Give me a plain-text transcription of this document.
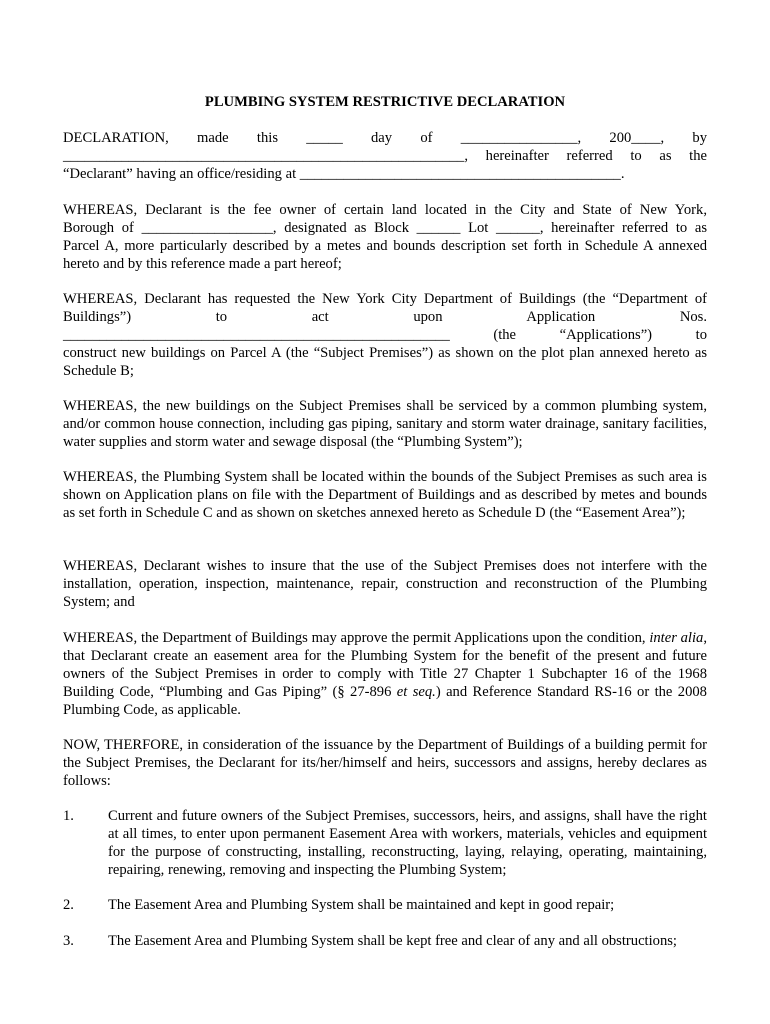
PLUMBING SYSTEM RESTRICTIVE DECLARATION
DECLARATION, made this _____ day of ________________, 200____, by
_______________________________________________________, hereinafter referred to as the
“Declarant” having an office/residing at ____________________________________________.
WHEREAS, Declarant is the fee owner of certain land located in the City and State of New York,
Borough of __________________, designated as Block ______ Lot ______, hereinafter referred to as
Parcel A, more particularly described by a metes and bounds description set forth in Schedule A annexed
hereto and by this reference made a part hereof;
WHEREAS, Declarant has requested the New York City Department of Buildings (the “Department of
Buildings”) to act upon Application Nos.
_____________________________________________________ (the “Applications”) to
construct new buildings on Parcel A (the “Subject Premises”) as shown on the plot plan annexed hereto as
Schedule B;
WHEREAS, the new buildings on the Subject Premises shall be serviced by a common plumbing system, and/or common house connection, including gas piping, sanitary and storm water drainage, sanitary facilities, water supplies and storm water and sewage disposal (the “Plumbing System”);
WHEREAS, the Plumbing System shall be located within the bounds of the Subject Premises as such area is shown on Application plans on file with the Department of Buildings and as described by metes and bounds as set forth in Schedule C and as shown on sketches annexed hereto as Schedule D (the “Easement Area”);
WHEREAS, Declarant wishes to insure that the use of the Subject Premises does not interfere with the installation, operation, inspection, maintenance, repair, construction and reconstruction of the Plumbing System; and
WHEREAS, the Department of Buildings may approve the permit Applications upon the condition, inter alia, that Declarant create an easement area for the Plumbing System for the benefit of the present and future owners of the Subject Premises in order to comply with Title 27 Chapter 1 Subchapter 16 of the 1968 Building Code, “Plumbing and Gas Piping” (§ 27-896 et seq.) and Reference Standard RS-16 or the 2008 Plumbing Code, as applicable.
NOW, THERFORE, in consideration of the issuance by the Department of Buildings of a building permit for the Subject Premises, the Declarant for its/her/himself and heirs, successors and assigns, hereby declares as follows:
1.	Current and future owners of the Subject Premises, successors, heirs, and assigns, shall have the right at all times, to enter upon permanent Easement Area with workers, materials, vehicles and equipment for the purpose of constructing, installing, reconstructing, laying, relaying, operating, maintaining, repairing, renewing, removing and inspecting the Plumbing System;
2.	The Easement Area and Plumbing System shall be maintained and kept in good repair;
3.	The Easement Area and Plumbing System shall be kept free and clear of any and all obstructions;
